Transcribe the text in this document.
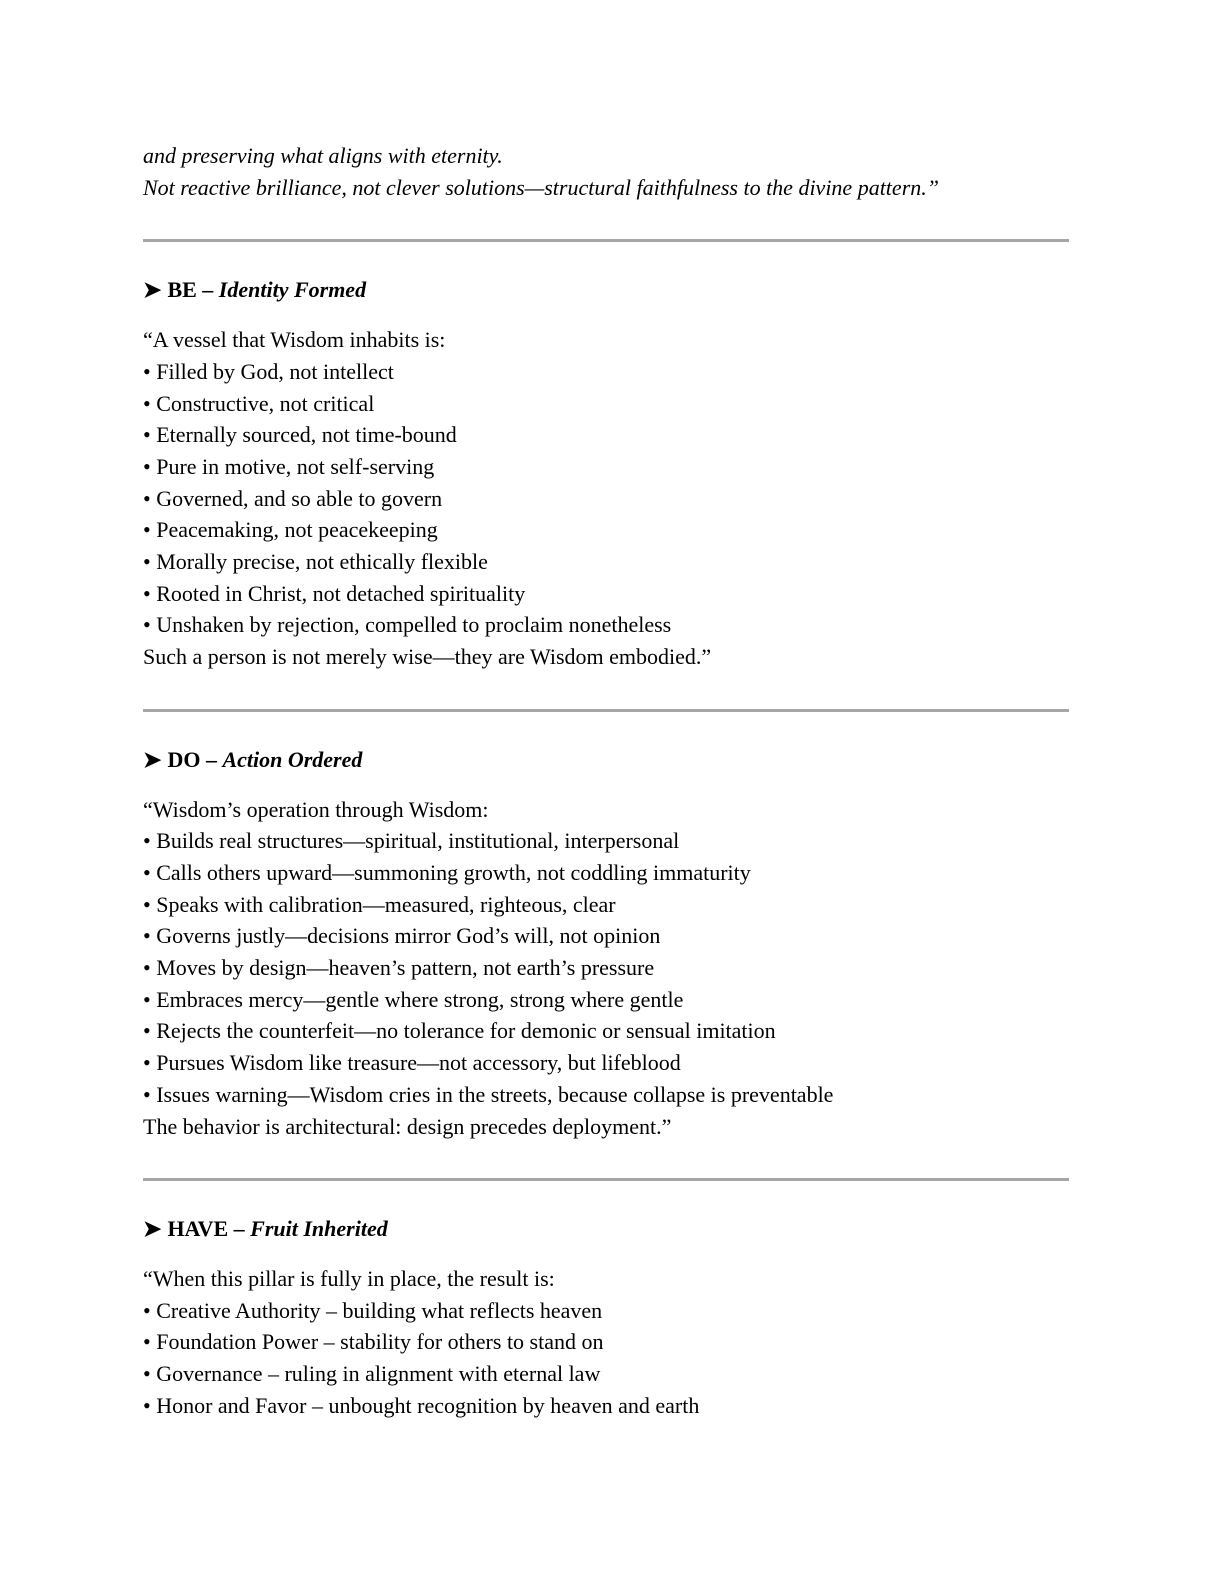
and preserving what aligns with eternity.
Not reactive brilliance, not clever solutions—structural faithfulness to the divine pattern.”
➤ BE – Identity Formed
“A vessel that Wisdom inhabits is:
• Filled by God, not intellect
• Constructive, not critical
• Eternally sourced, not time-bound
• Pure in motive, not self-serving
• Governed, and so able to govern
• Peacemaking, not peacekeeping
• Morally precise, not ethically flexible
• Rooted in Christ, not detached spirituality
• Unshaken by rejection, compelled to proclaim nonetheless
Such a person is not merely wise—they are Wisdom embodied.”
➤ DO – Action Ordered
“Wisdom’s operation through Wisdom:
• Builds real structures—spiritual, institutional, interpersonal
• Calls others upward—summoning growth, not coddling immaturity
• Speaks with calibration—measured, righteous, clear
• Governs justly—decisions mirror God’s will, not opinion
• Moves by design—heaven’s pattern, not earth’s pressure
• Embraces mercy—gentle where strong, strong where gentle
• Rejects the counterfeit—no tolerance for demonic or sensual imitation
• Pursues Wisdom like treasure—not accessory, but lifeblood
• Issues warning—Wisdom cries in the streets, because collapse is preventable
The behavior is architectural: design precedes deployment.”
➤ HAVE – Fruit Inherited
“When this pillar is fully in place, the result is:
• Creative Authority – building what reflects heaven
• Foundation Power – stability for others to stand on
• Governance – ruling in alignment with eternal law
• Honor and Favor – unbought recognition by heaven and earth
